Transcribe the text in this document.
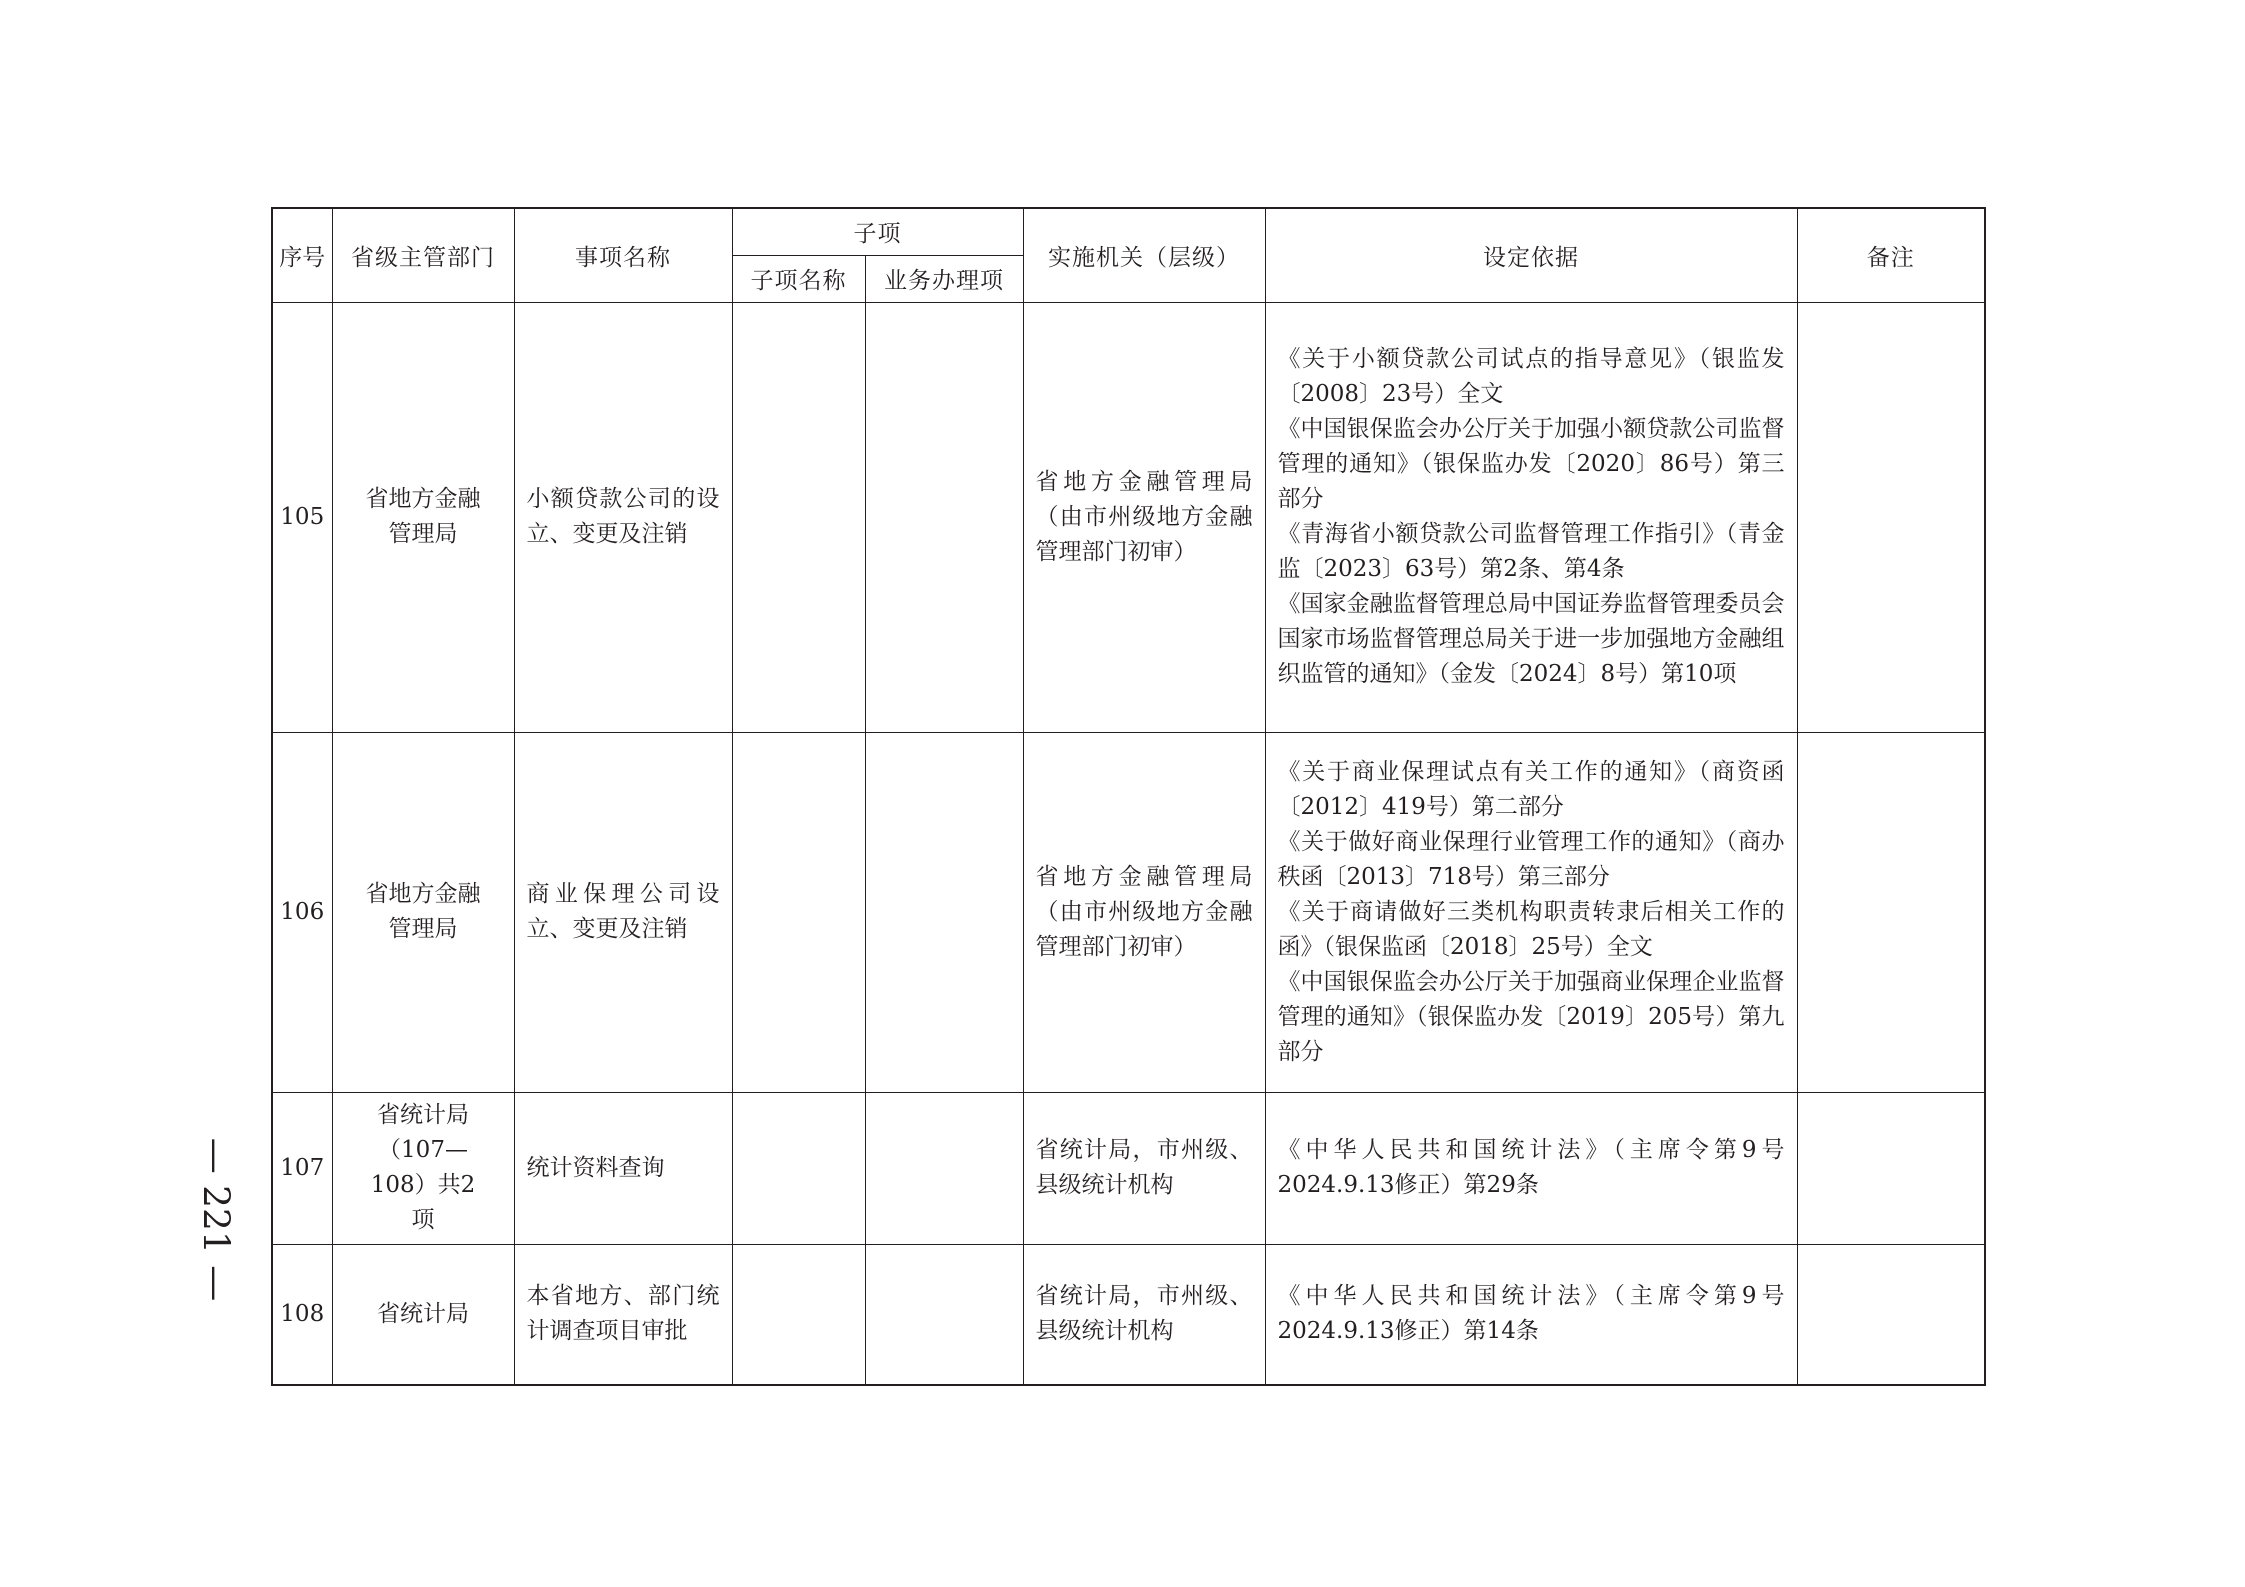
序号	省级主管部门	事项名称	子项		实施机关（层级）	设定依据	备注
			子项名称	业务办理项			
105	省地方金融管理局	小额贷款公司的设立、变更及注销			省地方金融管理局（由市州级地方金融管理部门初审）	《关于小额贷款公司试点的指导意见》（银监发〔2008〕23号）全文
《中国银保监会办公厅关于加强小额贷款公司监督管理的通知》（银保监办发〔2020〕86号）第三部分
《青海省小额贷款公司监督管理工作指引》（青金监〔2023〕63号）第2条、第4条
《国家金融监督管理总局中国证券监督管理委员会国家市场监督管理总局关于进一步加强地方金融组织监管的通知》（金发〔2024〕8号）第10项	

106	省地方金融管理局	商业保理公司设立、变更及注销			省地方金融管理局（由市州级地方金融管理部门初审）	《关于商业保理试点有关工作的通知》（商资函〔2012〕419号）第二部分
《关于做好商业保理行业管理工作的通知》（商办秩函〔2013〕718号）第三部分
《关于商请做好三类机构职责转隶后相关工作的函》（银保监函〔2018〕25号）全文
《中国银保监会办公厅关于加强商业保理企业监督管理的通知》（银保监办发〔2019〕205号）第九部分	

107	省统计局（107—108）共2项	统计资料查询			省统计局，市州级、县级统计机构	《中华人民共和国统计法》（主席令第9号2024.9.13修正）第29条	

108	省统计局	本省地方、部门统计调查项目审批			省统计局，市州级、县级统计机构	《中华人民共和国统计法》（主席令第9号2024.9.13修正）第14条	

— 221 —
